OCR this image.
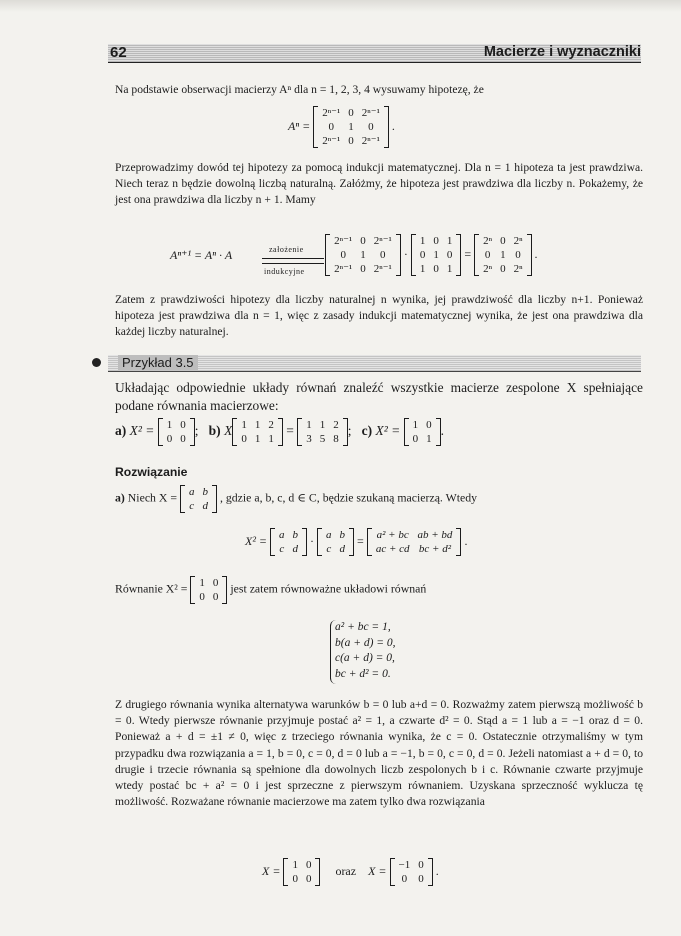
62	Macierze i wyznaczniki
Na podstawie obserwacji macierzy Aⁿ dla n = 1, 2, 3, 4 wysuwamy hipotezę, że
Aⁿ =
2ⁿ⁻¹	0	2ⁿ⁻¹
0	1	0
2ⁿ⁻¹	0	2ⁿ⁻¹
.
Przeprowadzimy dowód tej hipotezy za pomocą indukcji matematycznej. Dla n = 1 hipoteza ta jest prawdziwa. Niech teraz n będzie dowolną liczbą naturalną. Załóżmy, że hipoteza jest prawdziwa dla liczby n. Pokażemy, że jest ona prawdziwa dla liczby n + 1. Mamy
Aⁿ⁺¹ = Aⁿ · A
2ⁿ⁻¹	0	2ⁿ⁻¹
0	1	0
2ⁿ⁻¹	0	2ⁿ⁻¹
·
1	0	1
0	1	0
1	0	1
=
2ⁿ	0	2ⁿ
0	1	0
2ⁿ	0	2ⁿ
.
założenie
indukcyjne
Zatem z prawdziwości hipotezy dla liczby naturalnej n wynika, jej prawdziwość dla liczby n+1. Ponieważ hipoteza jest prawdziwa dla n = 1, więc z zasady indukcji matematycznej wynika, że jest ona prawdziwa dla każdej liczby naturalnej.
Przykład 3.5
Układając odpowiednie układy równań znaleźć wszystkie macierze zespolone X spełniające podane równania macierzowe:
a) X² = 1	0
0	0
; b) X 1	1	2
0	1	1
= 1	1	2
3	5	8
; c) X² = 1	0
0	1
.
Rozwiązanie
a) Niech X = a	b
c	d
, gdzie a, b, c, d ∈ C, będzie szukaną macierzą. Wtedy
X² = a	b
c	d
· a	b
c	d
= a² + bc	ab + bd
ac + cd	bc + d²
.
Równanie X² = 1	0
0	0
jest zatem równoważne układowi równań
a² + bc = 1,
b(a + d) = 0,
c(a + d) = 0,
bc + d² = 0.
Z drugiego równania wynika alternatywa warunków b = 0 lub a+d = 0. Rozważmy zatem pierwszą możliwość b = 0. Wtedy pierwsze równanie przyjmuje postać a² = 1, a czwarte d² = 0. Stąd a = 1 lub a = −1 oraz d = 0. Ponieważ a + d = ±1 ≠ 0, więc z trzeciego równania wynika, że c = 0. Ostatecznie otrzymaliśmy w tym przypadku dwa rozwiązania a = 1, b = 0, c = 0, d = 0 lub a = −1, b = 0, c = 0, d = 0. Jeżeli natomiast a + d = 0, to drugie i trzecie równania są spełnione dla dowolnych liczb zespolonych b i c. Równanie czwarte przyjmuje wtedy postać bc + a² = 0 i jest sprzeczne z pierwszym równaniem. Uzyskana sprzeczność wyklucza tę możliwość. Rozważane równanie macierzowe ma zatem tylko dwa rozwiązania
X = 1	0
0	0
oraz X = −1	0
0	0
.
